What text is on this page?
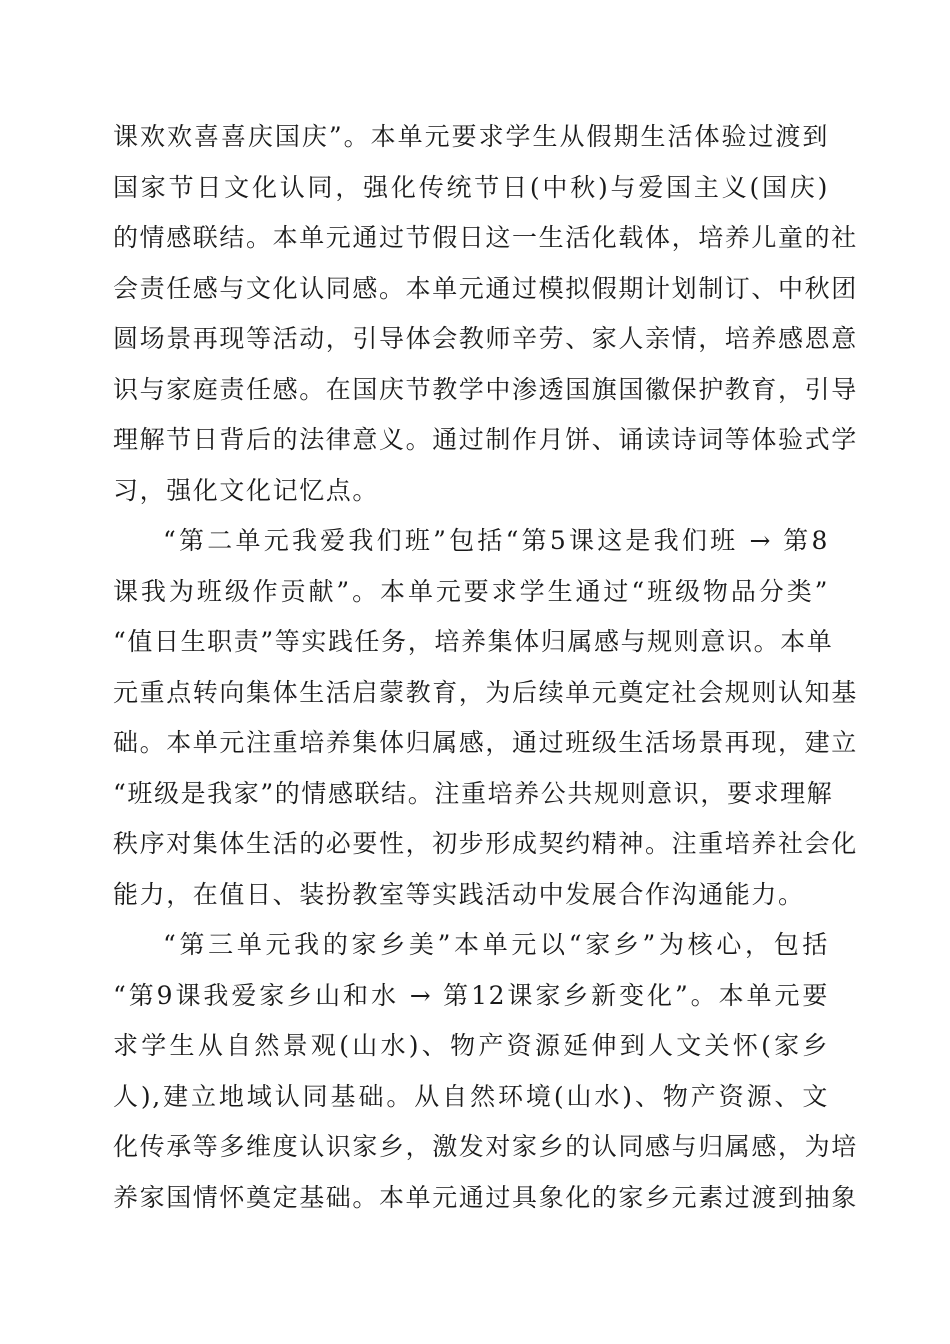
课欢欢喜喜庆国庆”。本单元要求学生从假期生活体验过渡到
国家节日文化认同，强化传统节日(中秋)与爱国主义(国庆)
的情感联结。本单元通过节假日这一生活化载体，培养儿童的社
会责任感与文化认同感。本单元通过模拟假期计划制订、中秋团
圆场景再现等活动，引导体会教师辛劳、家人亲情，培养感恩意
识与家庭责任感。在国庆节教学中渗透国旗国徽保护教育，引导
理解节日背后的法律意义。通过制作月饼、诵读诗词等体验式学
习，强化文化记忆点。
“第二单元我爱我们班”包括“第5课这是我们班 → 第8
课我为班级作贡献”。本单元要求学生通过“班级物品分类”
“值日生职责”等实践任务，培养集体归属感与规则意识。本单
元重点转向集体生活启蒙教育，为后续单元奠定社会规则认知基
础。本单元注重培养集体归属感，通过班级生活场景再现，建立
“班级是我家”的情感联结。注重培养公共规则意识，要求理解
秩序对集体生活的必要性，初步形成契约精神。注重培养社会化
能力，在值日、装扮教室等实践活动中发展合作沟通能力。
“第三单元我的家乡美”本单元以“家乡”为核心，包括
“第9课我爱家乡山和水 → 第12课家乡新变化”。本单元要
求学生从自然景观(山水)、物产资源延伸到人文关怀(家乡
人),建立地域认同基础。从自然环境(山水)、物产资源、文
化传承等多维度认识家乡，激发对家乡的认同感与归属感，为培
养家国情怀奠定基础。本单元通过具象化的家乡元素过渡到抽象
